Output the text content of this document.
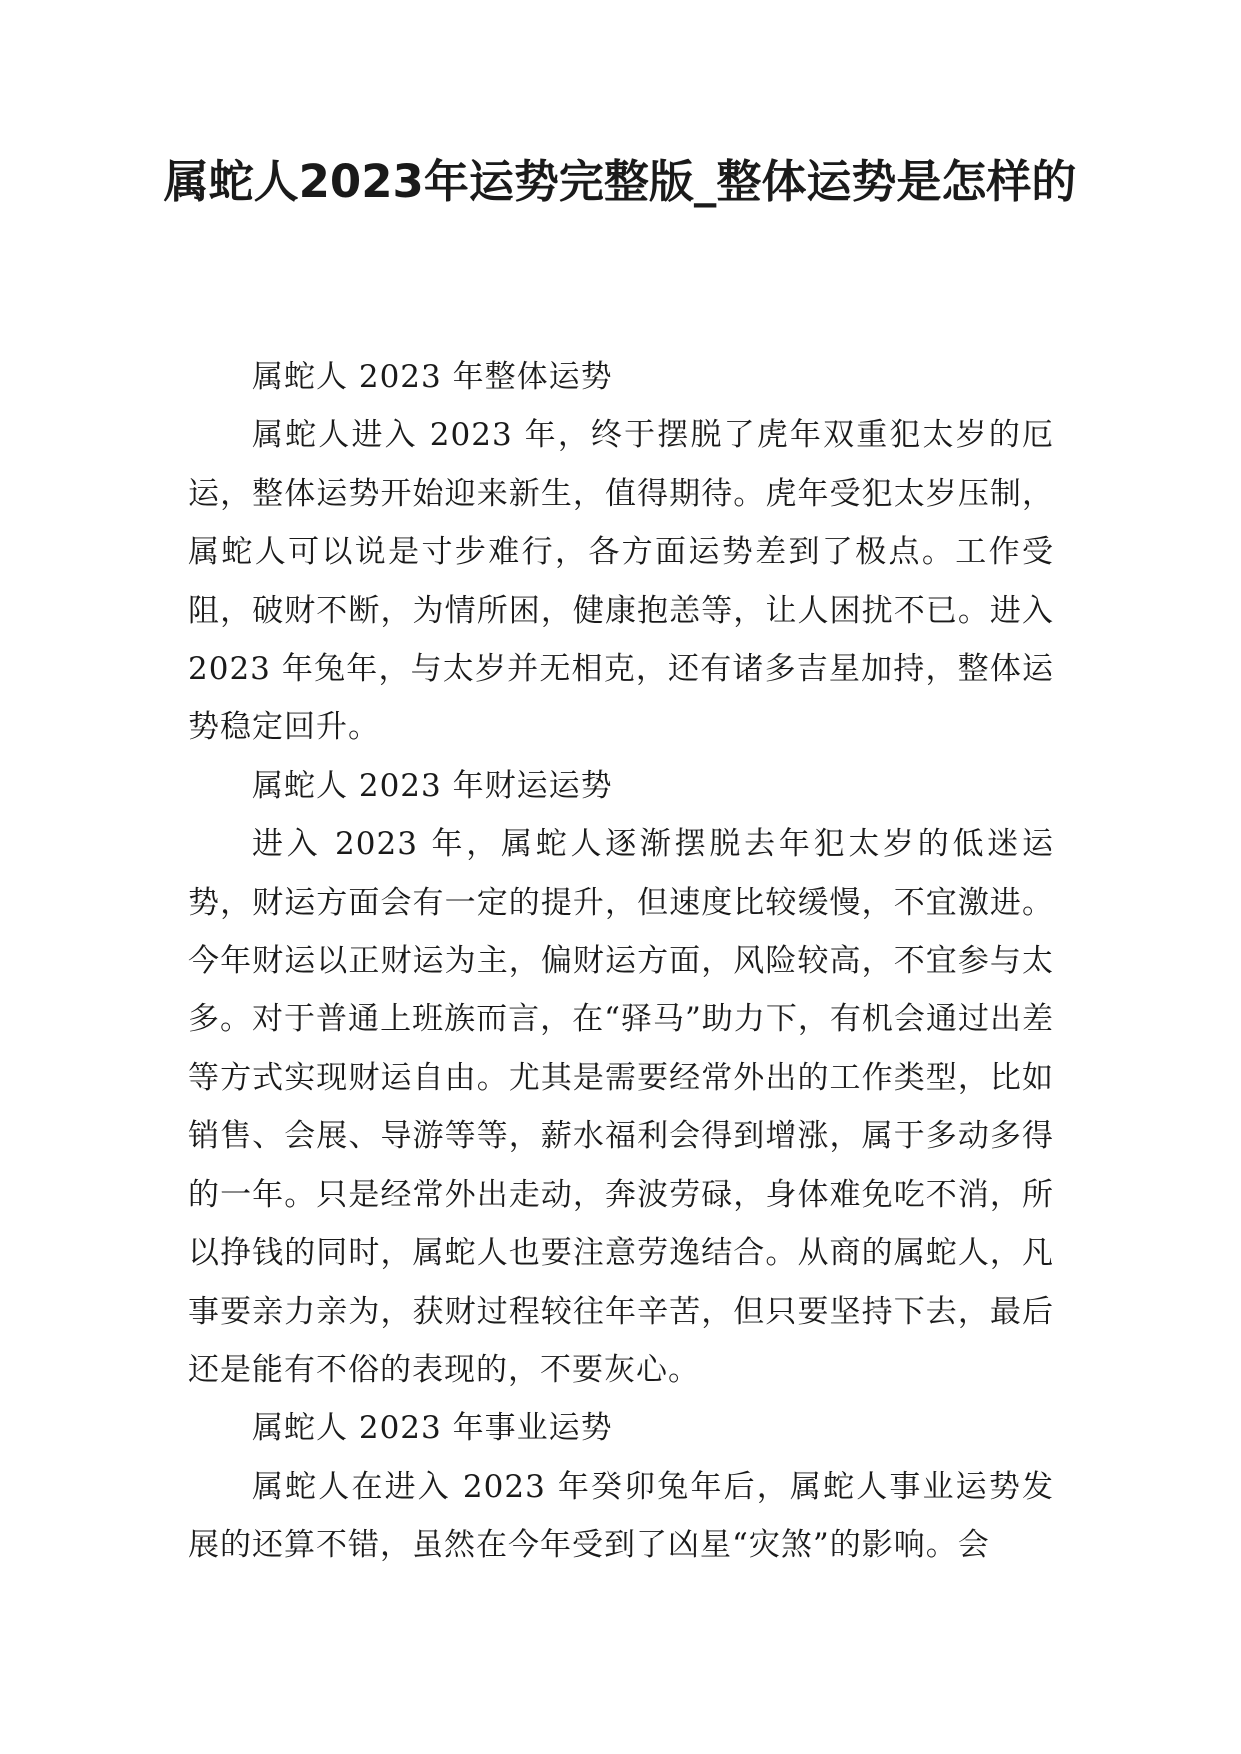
属蛇人2023年运势完整版_整体运势是怎样的

属蛇人 2023 年整体运势

属蛇人进入 2023 年，终于摆脱了虎年双重犯太岁的厄运，整体运势开始迎来新生，值得期待。虎年受犯太岁压制，属蛇人可以说是寸步难行，各方面运势差到了极点。工作受阻，破财不断，为情所困，健康抱恙等，让人困扰不已。进入 2023 年兔年，与太岁并无相克，还有诸多吉星加持，整体运势稳定回升。

属蛇人 2023 年财运运势

进入 2023 年，属蛇人逐渐摆脱去年犯太岁的低迷运势，财运方面会有一定的提升，但速度比较缓慢，不宜激进。今年财运以正财运为主，偏财运方面，风险较高，不宜参与太多。对于普通上班族而言，在“驿马”助力下，有机会通过出差等方式实现财运自由。尤其是需要经常外出的工作类型，比如销售、会展、导游等等，薪水福利会得到增涨，属于多动多得的一年。只是经常外出走动，奔波劳碌，身体难免吃不消，所以挣钱的同时，属蛇人也要注意劳逸结合。从商的属蛇人，凡事要亲力亲为，获财过程较往年辛苦，但只要坚持下去，最后还是能有不俗的表现的，不要灰心。

属蛇人 2023 年事业运势

属蛇人在进入 2023 年癸卯兔年后，属蛇人事业运势发展的还算不错，虽然在今年受到了凶星“灾煞”的影响。会
